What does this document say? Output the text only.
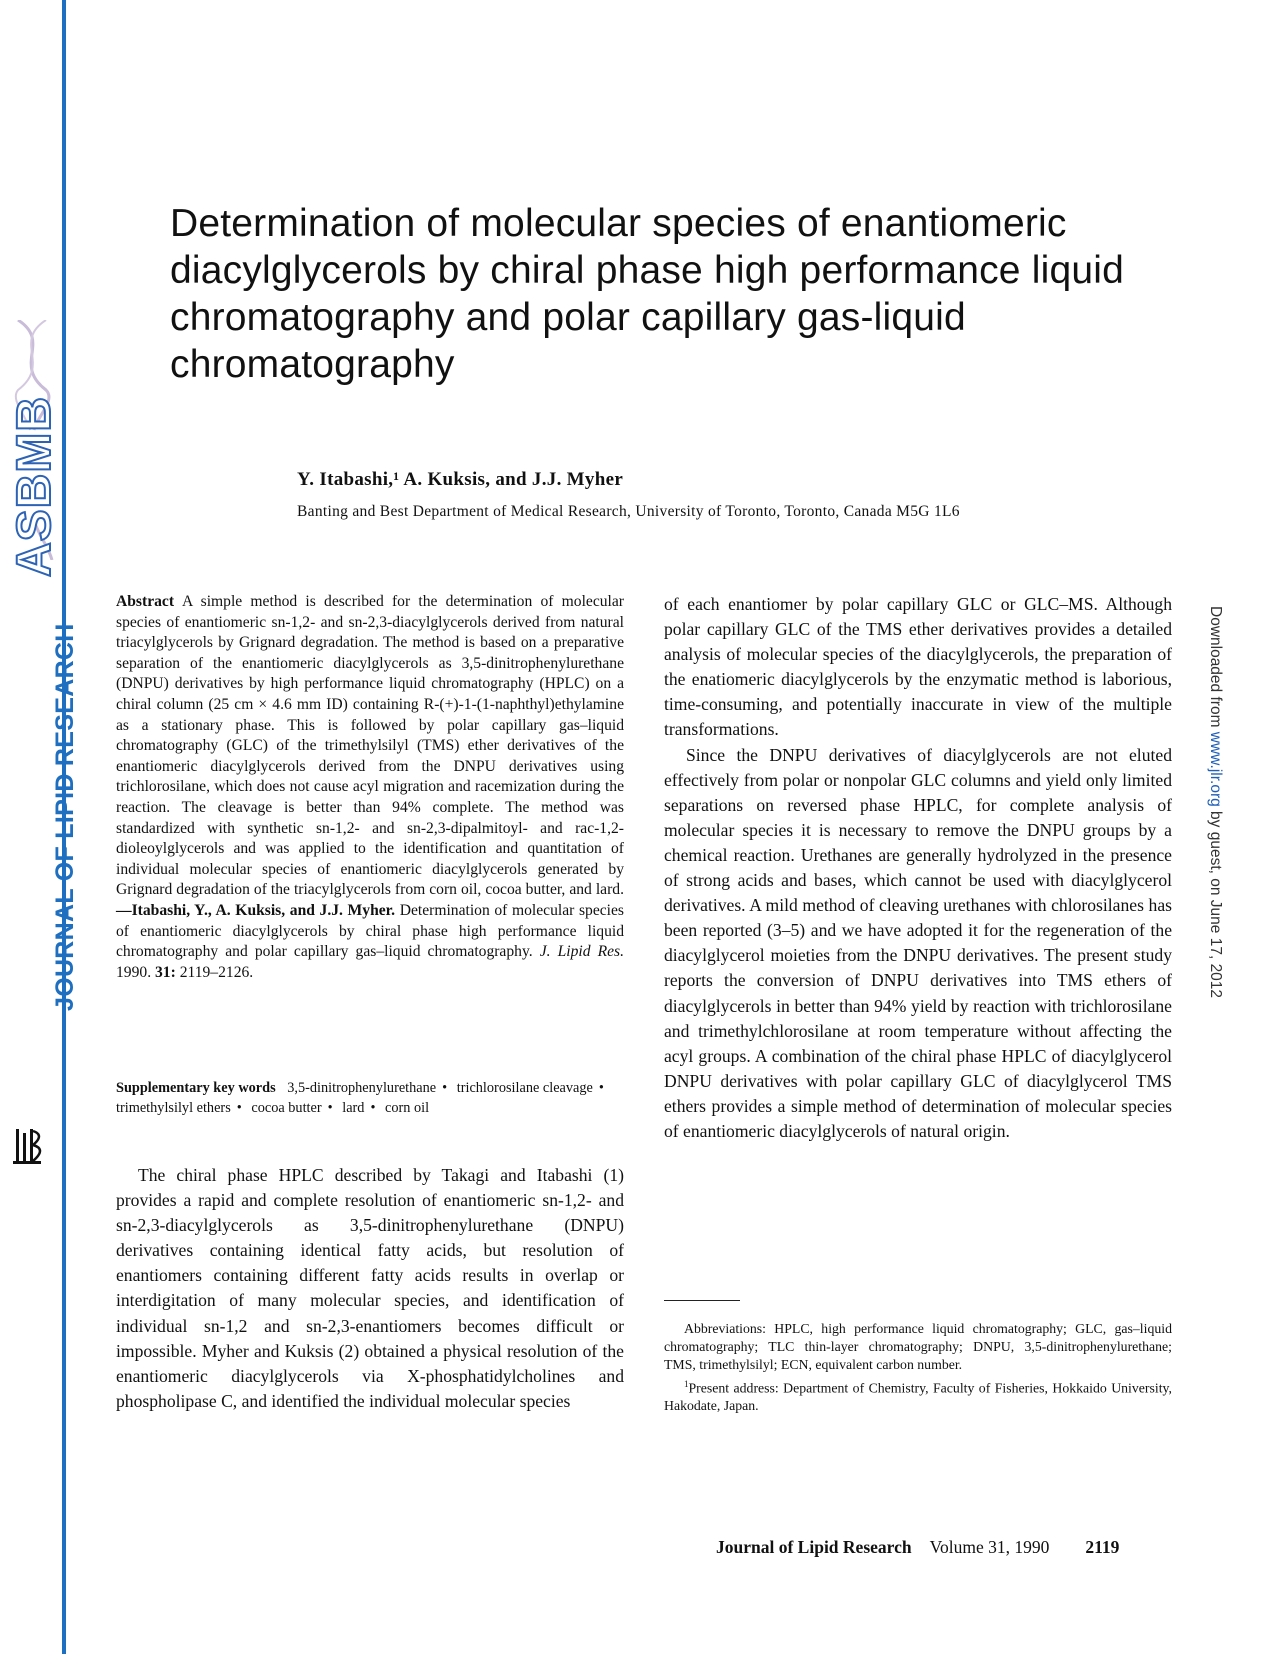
ASBMB
JOURNAL OF LIPID RESEARCH	Downloaded from www.jlr.org by guest, on June 17, 2012
Determination of molecular species of enantiomeric diacylglycerols by chiral phase high performance liquid chromatography and polar capillary gas-liquid chromatography
Y. Itabashi,¹ A. Kuksis, and J.J. Myher
Banting and Best Department of Medical Research, University of Toronto, Toronto, Canada M5G 1L6
Abstract A simple method is described for the determination of molecular species of enantiomeric sn-1,2- and sn-2,3-diacylglycerols derived from natural triacylglycerols by Grignard degradation. The method is based on a preparative separation of the enantiomeric diacylglycerols as 3,5-dinitrophenylurethane (DNPU) derivatives by high performance liquid chromatography (HPLC) on a chiral column (25 cm × 4.6 mm ID) containing R-(+)-1-(1-naphthyl)ethylamine as a stationary phase. This is followed by polar capillary gas–liquid chromatography (GLC) of the trimethylsilyl (TMS) ether derivatives of the enantiomeric diacylglycerols derived from the DNPU derivatives using trichlorosilane, which does not cause acyl migration and racemization during the reaction. The cleavage is better than 94% complete. The method was standardized with synthetic sn-1,2- and sn-2,3-dipalmitoyl- and rac-1,2-dioleoylglycerols and was applied to the identification and quantitation of individual molecular species of enantiomeric diacylglycerols generated by Grignard degradation of the triacylglycerols from corn oil, cocoa butter, and lard. —Itabashi, Y., A. Kuksis, and J.J. Myher. Determination of molecular species of enantiomeric diacylglycerols by chiral phase high performance liquid chromatography and polar capillary gas–liquid chromatography. J. Lipid Res. 1990. 31: 2119–2126.
Supplementary key words 3,5-dinitrophenylurethane • trichlorosilane cleavage • trimethylsilyl ethers • cocoa butter • lard • corn oil
The chiral phase HPLC described by Takagi and Itabashi (1) provides a rapid and complete resolution of enantiomeric sn-1,2- and sn-2,3-diacylglycerols as 3,5-dinitrophenylurethane (DNPU) derivatives containing identical fatty acids, but resolution of enantiomers containing different fatty acids results in overlap or interdigitation of many molecular species, and identification of individual sn-1,2 and sn-2,3-enantiomers becomes difficult or impossible. Myher and Kuksis (2) obtained a physical resolution of the enantiomeric diacylglycerols via X-phosphatidylcholines and phospholipase C, and identified the individual molecular species

of each enantiomer by polar capillary GLC or GLC–MS. Although polar capillary GLC of the TMS ether derivatives provides a detailed analysis of molecular species of the diacylglycerols, the preparation of the enatiomeric diacylglycerols by the enzymatic method is laborious, time-consuming, and potentially inaccurate in view of the multiple transformations.

Since the DNPU derivatives of diacylglycerols are not eluted effectively from polar or nonpolar GLC columns and yield only limited separations on reversed phase HPLC, for complete analysis of molecular species it is necessary to remove the DNPU groups by a chemical reaction. Urethanes are generally hydrolyzed in the presence of strong acids and bases, which cannot be used with diacylglycerol derivatives. A mild method of cleaving urethanes with chlorosilanes has been reported (3–5) and we have adopted it for the regeneration of the diacylglycerol moieties from the DNPU derivatives. The present study reports the conversion of DNPU derivatives into TMS ethers of diacylglycerols in better than 94% yield by reaction with trichlorosilane and trimethylchlorosilane at room temperature without affecting the acyl groups. A combination of the chiral phase HPLC of diacylglycerol DNPU derivatives with polar capillary GLC of diacylglycerol TMS ethers provides a simple method of determination of molecular species of enantiomeric diacylglycerols of natural origin.

Abbreviations: HPLC, high performance liquid chromatography; GLC, gas–liquid chromatography; TLC thin-layer chromatography; DNPU, 3,5-dinitrophenylurethane; TMS, trimethylsilyl; ECN, equivalent carbon number.

$^1$Present address: Department of Chemistry, Faculty of Fisheries, Hokkaido University, Hakodate, Japan.

Journal of Lipid Research Volume 31, 1990 2119
